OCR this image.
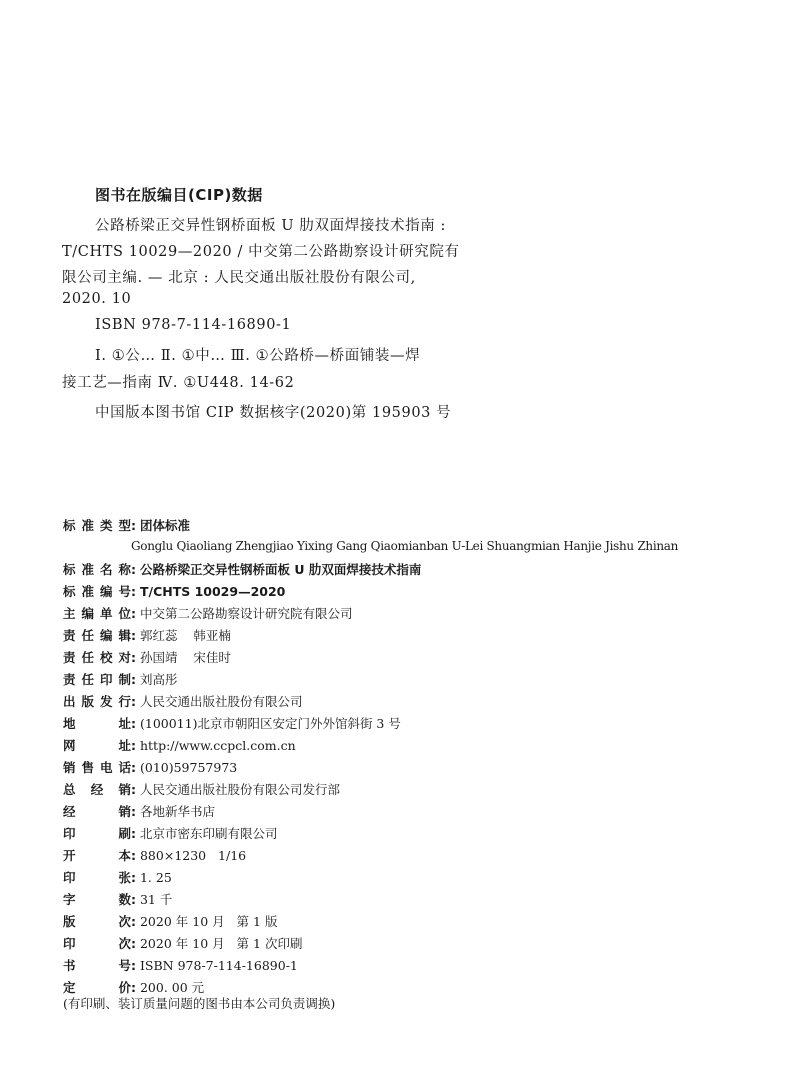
图书在版编目(CIP)数据
公路桥梁正交异性钢桥面板 U 肋双面焊接技术指南 :
T/CHTS 10029—2020 / 中交第二公路勘察设计研究院有
限公司主编. — 北京 : 人民交通出版社股份有限公司,
2020. 10
ISBN 978-7-114-16890-1
Ⅰ. ①公… Ⅱ. ①中… Ⅲ. ①公路桥—桥面铺装—焊
接工艺—指南 Ⅳ. ①U448. 14-62
中国版本图书馆 CIP 数据核字(2020)第 195903 号
标准类型: 团体标准
Gonglu Qiaoliang Zhengjiao Yixing Gang Qiaomianban U-Lei Shuangmian Hanjie Jishu Zhinan
标准名称: 公路桥梁正交异性钢桥面板 U 肋双面焊接技术指南
标准编号: T/CHTS 10029—2020
主编单位: 中交第二公路勘察设计研究院有限公司
责任编辑: 郭红蕊    韩亚楠
责任校对: 孙国靖    宋佳时
责任印制: 刘高彤
出版发行: 人民交通出版社股份有限公司
地址: (100011)北京市朝阳区安定门外外馆斜街 3 号
网址: http://www.ccpcl.com.cn
销售电话: (010)59757973
总经销: 人民交通出版社股份有限公司发行部
经销: 各地新华书店
印刷: 北京市密东印刷有限公司
开本: 880×1230   1/16
印张: 1. 25
字数: 31 千
版次: 2020 年 10 月   第 1 版
印次: 2020 年 10 月   第 1 次印刷
书号: ISBN 978-7-114-16890-1
定价: 200. 00 元
(有印刷、装订质量问题的图书由本公司负责调换)
